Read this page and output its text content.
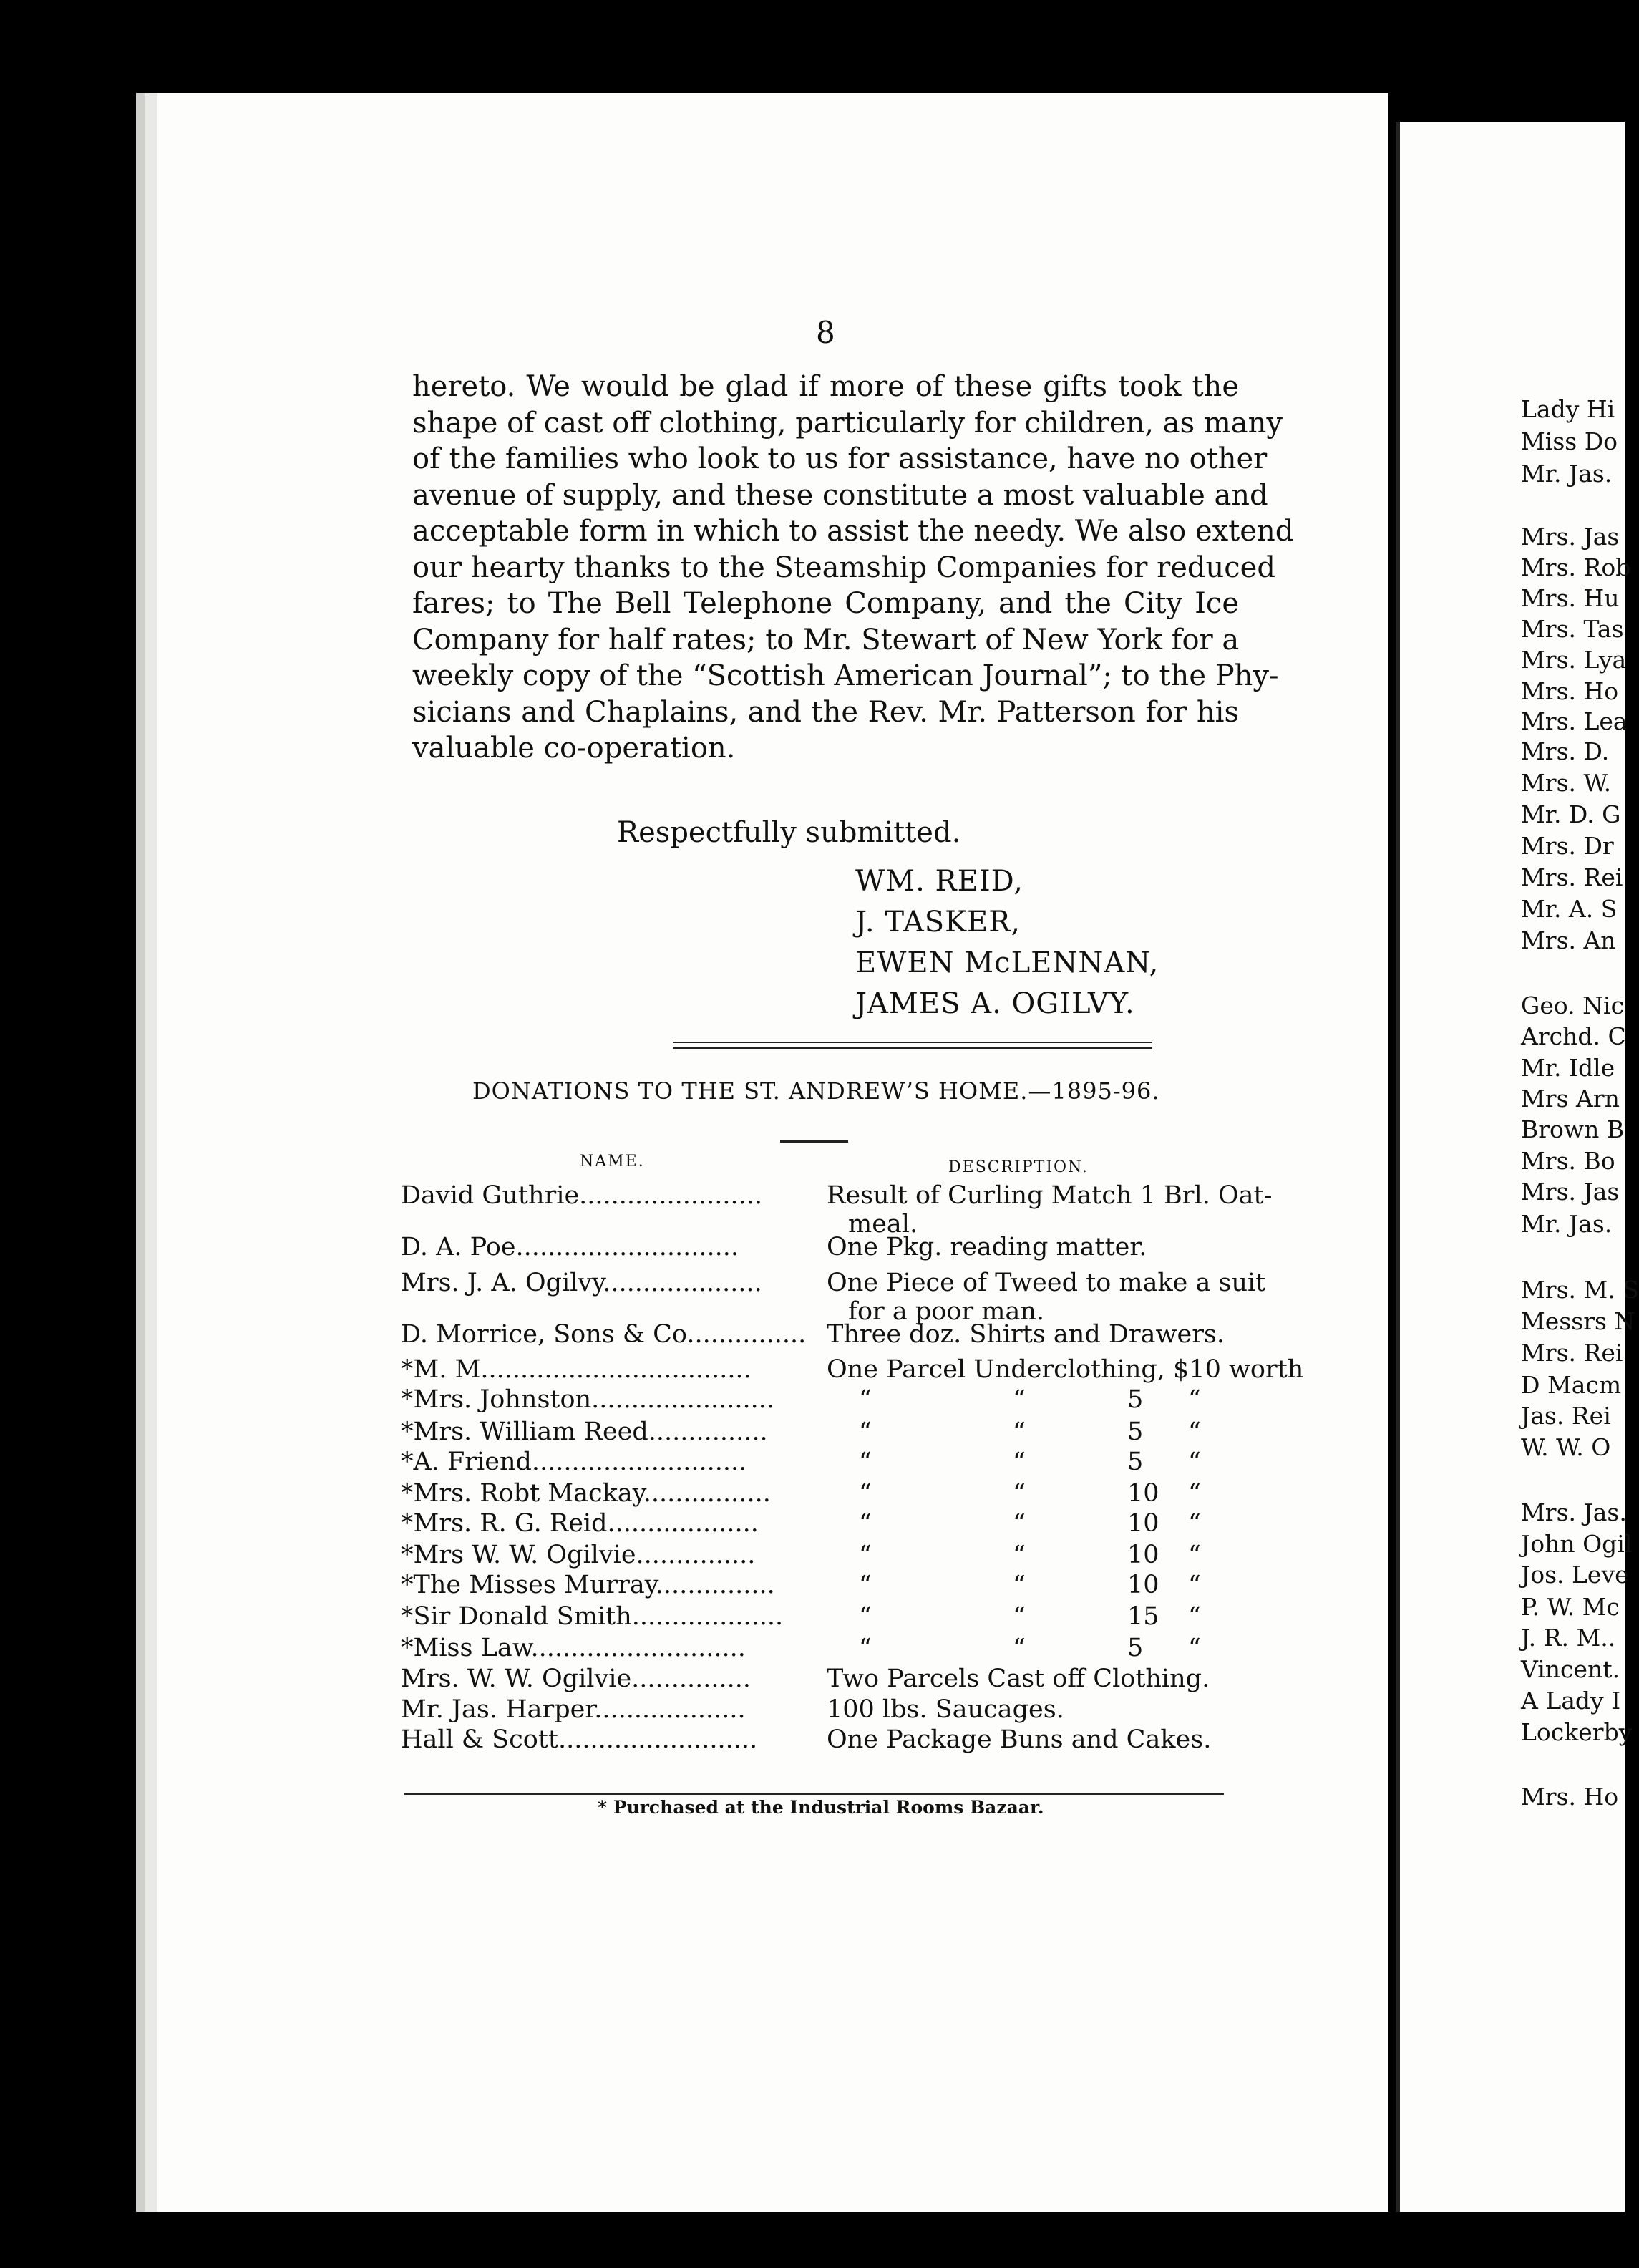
8
hereto. We would be glad if more of these gifts took the
shape of cast off clothing, particularly for children, as many
of the families who look to us for assistance, have no other
avenue of supply, and these constitute a most valuable and
acceptable form in which to assist the needy. We also extend
our hearty thanks to the Steamship Companies for reduced
fares; to The Bell Telephone Company, and the City Ice
Company for half rates; to Mr. Stewart of New York for a
weekly copy of the “Scottish American Journal”; to the Phy-
sicians and Chaplains, and the Rev. Mr. Patterson for his
valuable co-operation.
Respectfully submitted.
WM. REID,
J. TASKER,
EWEN McLENNAN,
JAMES A. OGILVY.
DONATIONS TO THE ST. ANDREW’S HOME.—1895-96.
NAME.	DESCRIPTION.
David Guthrie.......................	Result of Curling Match 1 Brl. Oat-
meal.
D. A. Poe............................	One Pkg. reading matter.
Mrs. J. A. Ogilvy....................	One Piece of Tweed to make a suit
for a poor man.
D. Morrice, Sons & Co............... Three doz. Shirts and Drawers.
*M. M..................................	One Parcel Underclothing, $10 worth
*Mrs. Johnston.......................	“	“	5 “
*Mrs. William Reed...............	“	“	5 “
*A. Friend...........................	“	“	5 “
*Mrs. Robt Mackay................	“	“	10 “
*Mrs. R. G. Reid...................	“	“	10 “
*Mrs W. W. Ogilvie...............	“	“	10 “
*The Misses Murray...............	“	“	10 “
*Sir Donald Smith...................	“	“	15 “
*Miss Law...........................	“	“	5 “
Mrs. W. W. Ogilvie...............	Two Parcels Cast off Clothing.
Mr. Jas. Harper...................	100 lbs. Saucages.
Hall & Scott.........................	One Package Buns and Cakes.
* Purchased at the Industrial Rooms Bazaar.
Lady Hi
Miss Do
Mr. Jas.
Mrs. Jas
Mrs. Rob
Mrs. Hu
Mrs. Tas
Mrs. Lya
Mrs. Ho
Mrs. Lea
Mrs. D.
Mrs. W.
Mr. D. G
Mrs. Dr
Mrs. Rei
Mr. A. S
Mrs. An
Geo. Nic
Archd. C
Mr. Idle
Mrs Arn
Brown B
Mrs. Bo
Mrs. Jas
Mr. Jas.
Mrs. M. S
Messrs N
Mrs. Rei
D Macm
Jas. Rei
W. W. O
Mrs. Jas.
John Ogil
Jos. Leve
P. W. Mc
J. R. M..
Vincent.
A Lady I
Lockerby
Mrs. Ho
